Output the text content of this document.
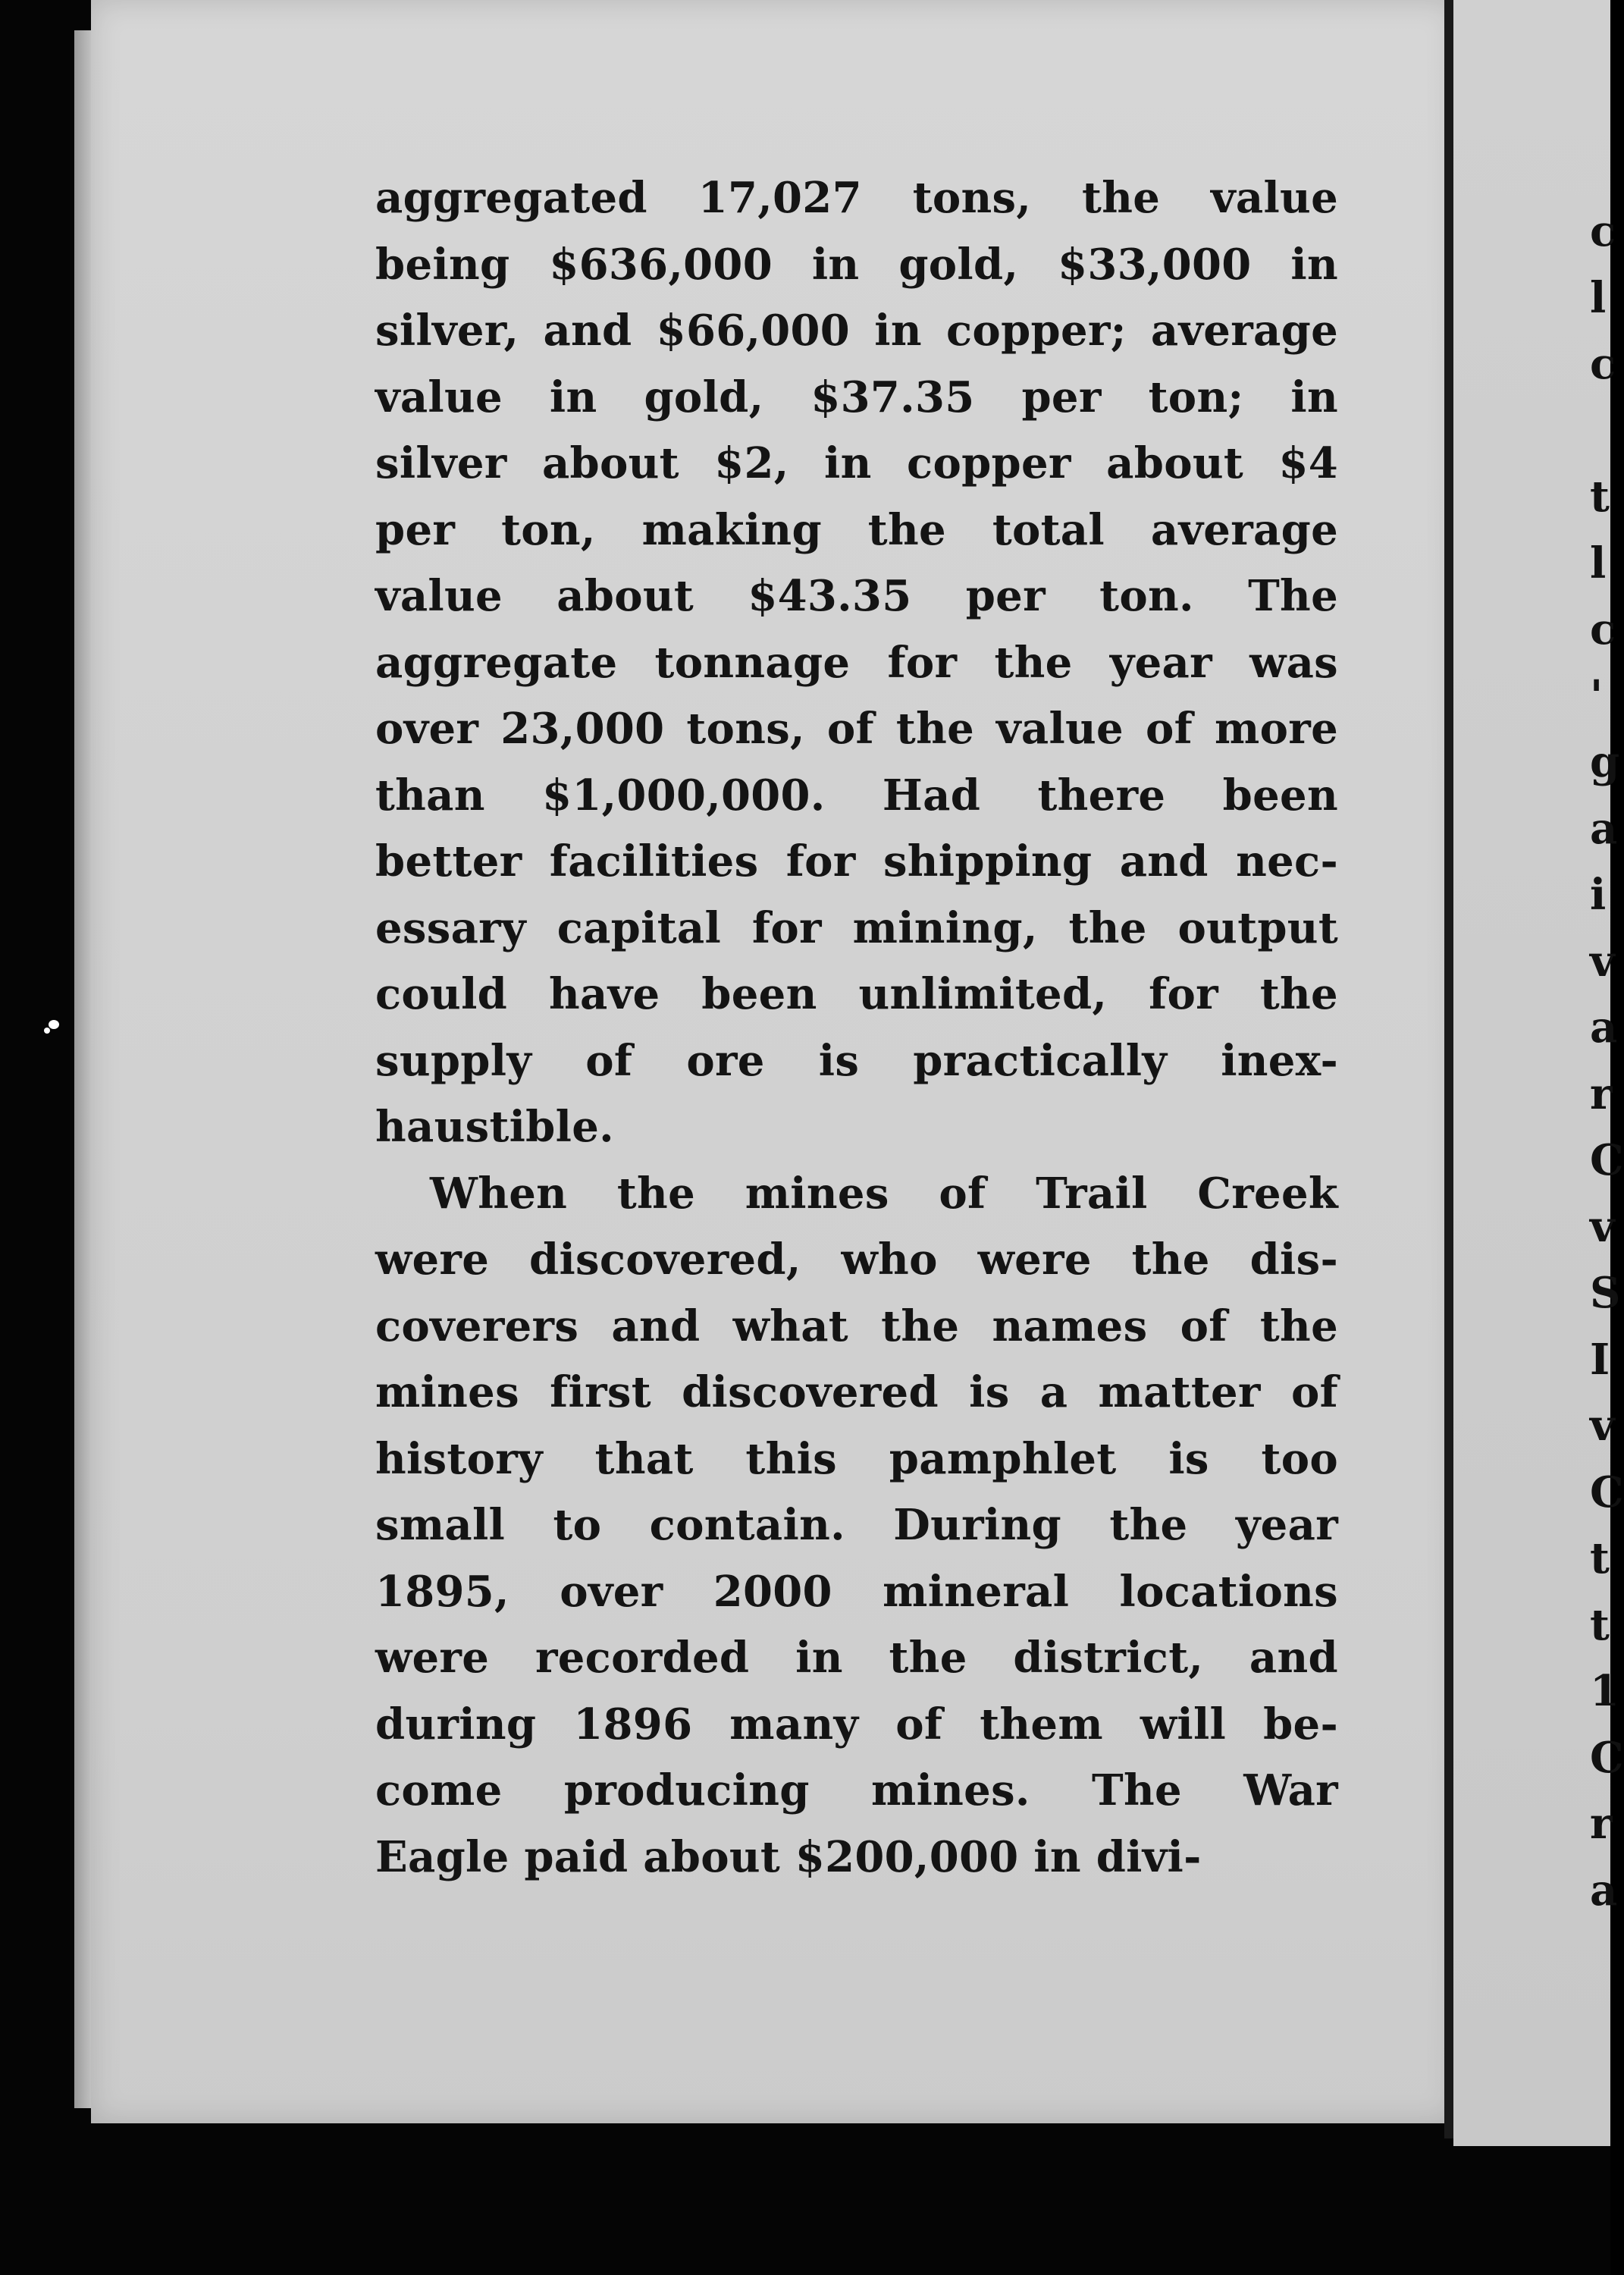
aggregated 17,027 tons, the value
being $636,000 in gold, $33,000 in
silver, and $66,000 in copper; average
value in gold, $37.35 per ton; in
silver about $2, in copper about $4
per ton, making the total average
value about $43.35 per ton. The
aggregate tonnage for the year was
over 23,000 tons, of the value of more
than $1,000,000. Had there been
better facilities for shipping and nec-
essary capital for mining, the output
could have been unlimited, for the
supply of ore is practically inex-
haustible.
When the mines of Trail Creek
were discovered, who were the dis-
coverers and what the names of the
mines first discovered is a matter of
history that this pamphlet is too
small to contain. During the year
1895, over 2000 mineral locations
were recorded in the district, and
during 1896 many of them will be-
come producing mines. The War
Eagle paid about $200,000 in divi-
c
l
c
t
l
c
'
g
a
i
v
a
r
C
v
S
I
v
C
t
t
1
C
r
a
